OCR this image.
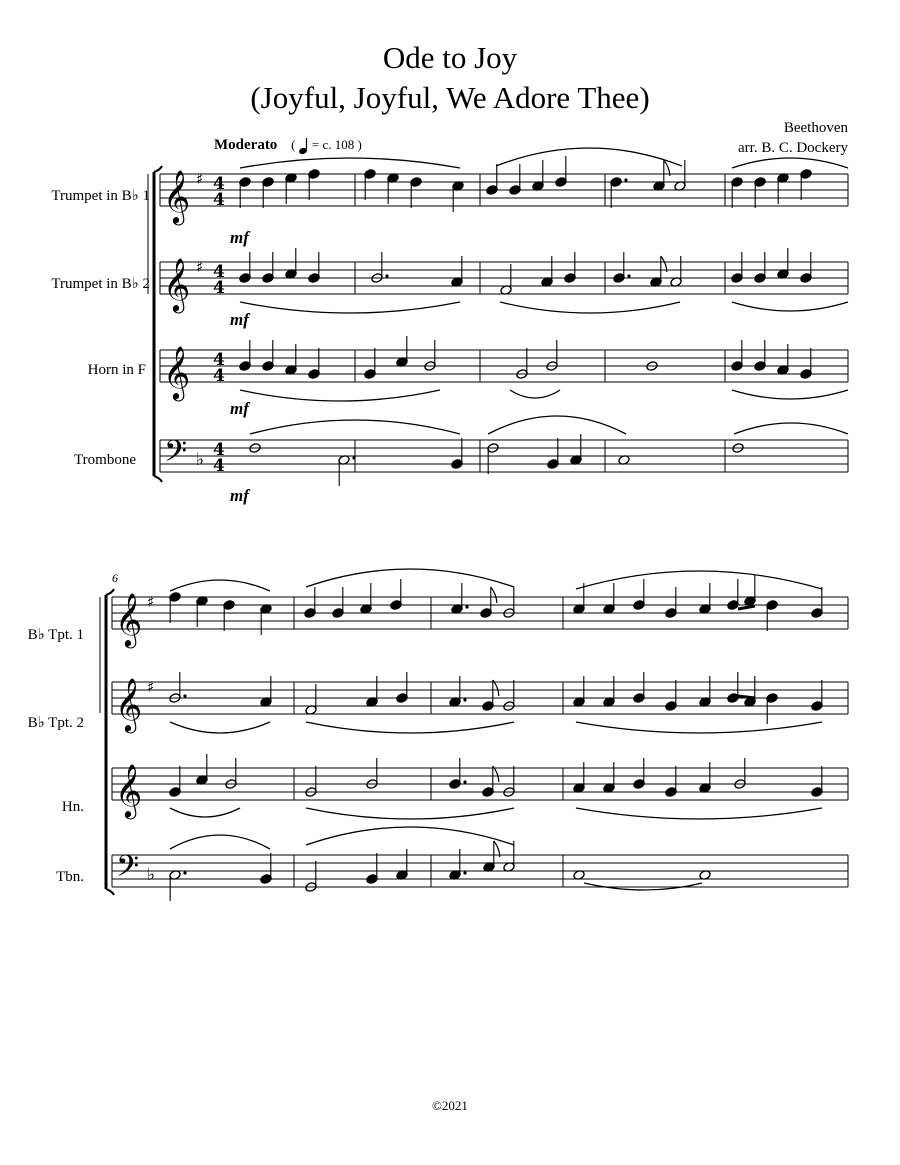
Ode to Joy
(Joyful, Joyful, We Adore Thee)
Beethoven
arr. B. C. Dockery
Moderato (  = c. 108 )
Trumpet in B♭ 1
Trumpet in B♭ 2
Horn in F
Trombone
B♭ Tpt. 1
B♭ Tpt. 2
Hn.
Tbn.
mf
mf
mf
mf
6
𝄞 ♯ 4
4
𝄞 ♯ 4
4
𝄞 4
4
𝄢 ♭ 4
4
𝄞 ♯
𝄞 ♯
𝄞
𝄢 ♭
©2021
